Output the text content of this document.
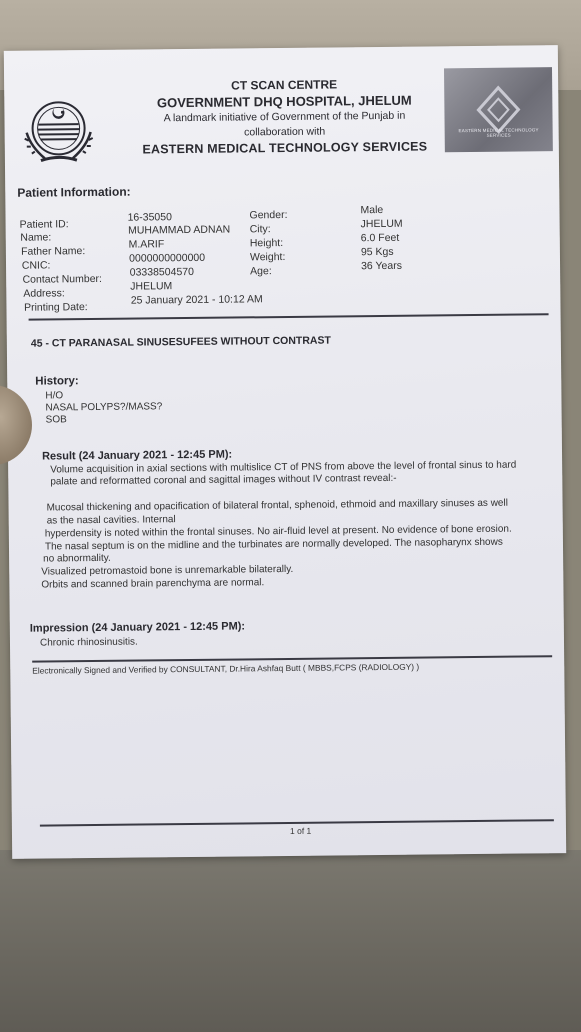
CT SCAN CENTRE
GOVERNMENT DHQ HOSPITAL, JHELUM
A landmark initiative of Government of the Punjab in
collaboration with
EASTERN MEDICAL TECHNOLOGY SERVICES
EASTERN MEDICAL TECHNOLOGY SERVICES
Patient Information:
Patient ID:
16-35050
Name:
MUHAMMAD ADNAN
Father Name:
M.ARIF
CNIC:
0000000000000
Contact Number:
03338504570
Address:
JHELUM
Printing Date:
25 January 2021 - 10:12 AM
Gender:	Male
City:	JHELUM
Height:	6.0 Feet
Weight:	95 Kgs
Age:	36 Years
45 - CT PARANASAL SINUSESUFEES WITHOUT CONTRAST
History:
H/O
NASAL POLYPS?/MASS?
SOB
Result (24 January 2021 - 12:45 PM):
Volume acquisition in axial sections with multislice CT of PNS from above the level of frontal sinus to hard
palate and reformatted coronal and sagittal images without IV contrast reveal:-
Mucosal thickening and opacification of bilateral frontal, sphenoid, ethmoid and maxillary sinuses as well
as the nasal cavities. Internal
hyperdensity is noted within the frontal sinuses. No air-fluid level at present. No evidence of bone erosion.
The nasal septum is on the midline and the turbinates are normally developed. The nasopharynx shows
no abnormality.
Visualized petromastoid bone is unremarkable bilaterally.
Orbits and scanned brain parenchyma are normal.
Impression (24 January 2021 - 12:45 PM):
Chronic rhinosinusitis.
Electronically Signed and Verified by CONSULTANT, Dr.Hira Ashfaq Butt ( MBBS,FCPS (RADIOLOGY) )
1 of 1
